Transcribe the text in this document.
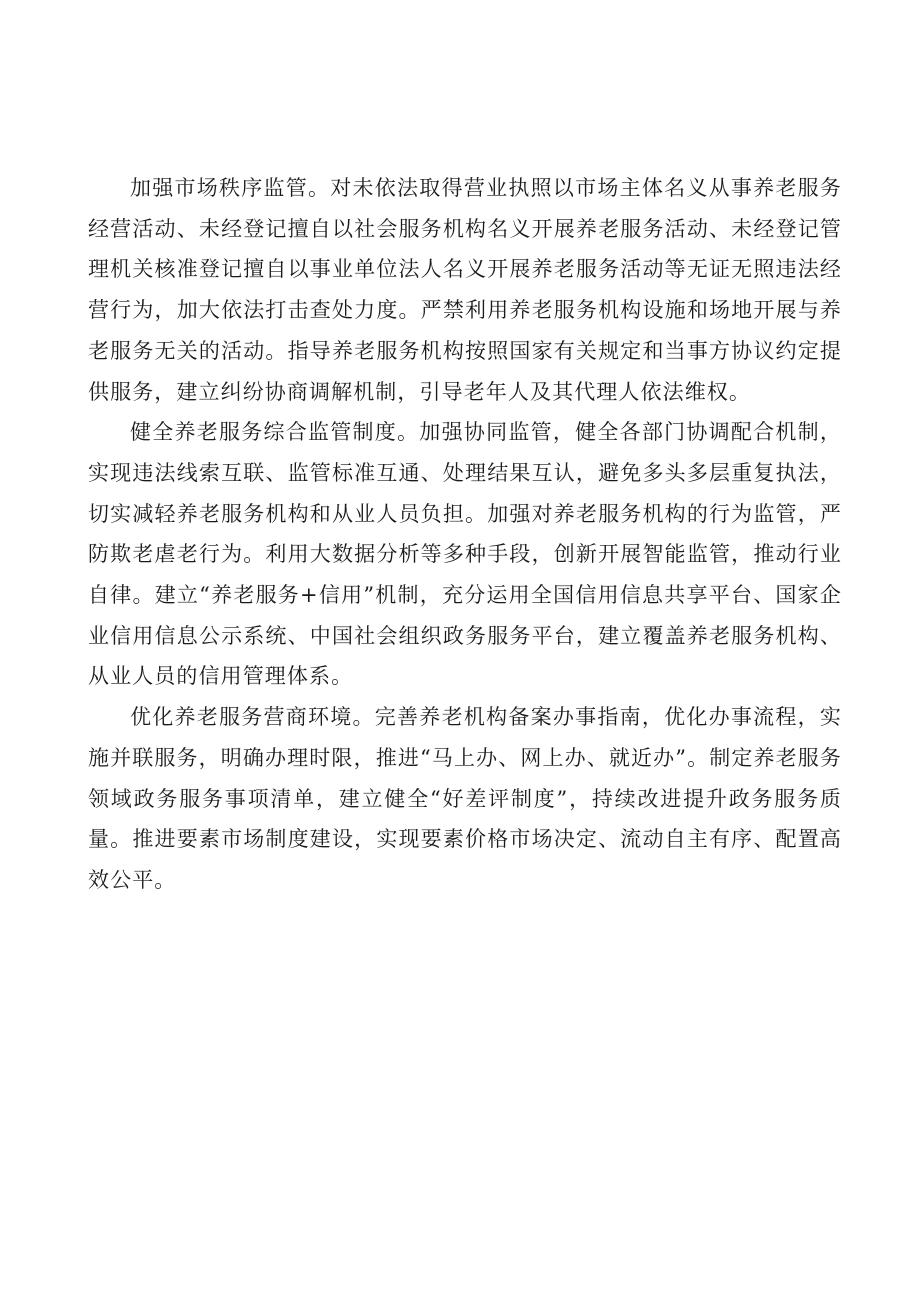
加强市场秩序监管。对未依法取得营业执照以市场主体名义从事养老服务经营活动、未经登记擅自以社会服务机构名义开展养老服务活动、未经登记管理机关核准登记擅自以事业单位法人名义开展养老服务活动等无证无照违法经营行为，加大依法打击查处力度。严禁利用养老服务机构设施和场地开展与养老服务无关的活动。指导养老服务机构按照国家有关规定和当事方协议约定提供服务，建立纠纷协商调解机制，引导老年人及其代理人依法维权。

健全养老服务综合监管制度。加强协同监管，健全各部门协调配合机制，实现违法线索互联、监管标准互通、处理结果互认，避免多头多层重复执法，切实减轻养老服务机构和从业人员负担。加强对养老服务机构的行为监管，严防欺老虐老行为。利用大数据分析等多种手段，创新开展智能监管，推动行业自律。建立“养老服务+信用”机制，充分运用全国信用信息共享平台、国家企业信用信息公示系统、中国社会组织政务服务平台，建立覆盖养老服务机构、从业人员的信用管理体系。

优化养老服务营商环境。完善养老机构备案办事指南，优化办事流程，实施并联服务，明确办理时限，推进“马上办、网上办、就近办”。制定养老服务领域政务服务事项清单，建立健全“好差评制度”，持续改进提升政务服务质量。推进要素市场制度建设，实现要素价格市场决定、流动自主有序、配置高效公平。
